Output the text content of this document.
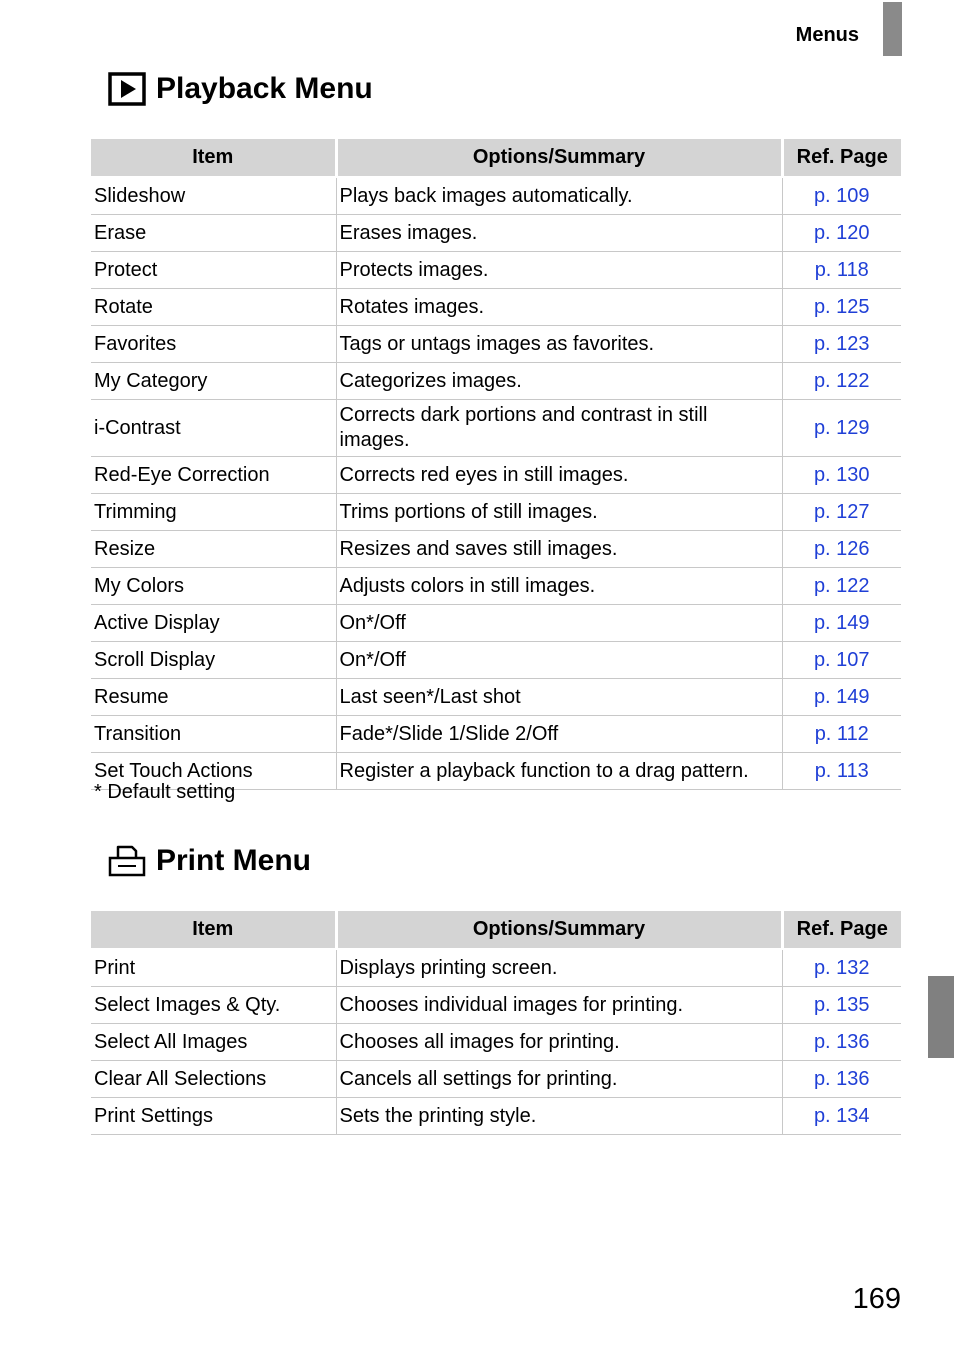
Menus
Playback Menu
Item	Options/Summary	Ref. Page
Slideshow	Plays back images automatically.	p. 109
Erase	Erases images.	p. 120
Protect	Protects images.	p. 118
Rotate	Rotates images.	p. 125
Favorites	Tags or untags images as favorites.	p. 123
My Category	Categorizes images.	p. 122
i-Contrast	Corrects dark portions and contrast in still images.	p. 129
Red-Eye Correction	Corrects red eyes in still images.	p. 130
Trimming	Trims portions of still images.	p. 127
Resize	Resizes and saves still images.	p. 126
My Colors	Adjusts colors in still images.	p. 122
Active Display	On*/Off	p. 149
Scroll Display	On*/Off	p. 107
Resume	Last seen*/Last shot	p. 149
Transition	Fade*/Slide 1/Slide 2/Off	p. 112
Set Touch Actions	Register a playback function to a drag pattern.	p. 113
* Default setting
Print Menu
Item	Options/Summary	Ref. Page
Print	Displays printing screen.	p. 132
Select Images & Qty.	Chooses individual images for printing.	p. 135
Select All Images	Chooses all images for printing.	p. 136
Clear All Selections	Cancels all settings for printing.	p. 136
Print Settings	Sets the printing style.	p. 134
169
